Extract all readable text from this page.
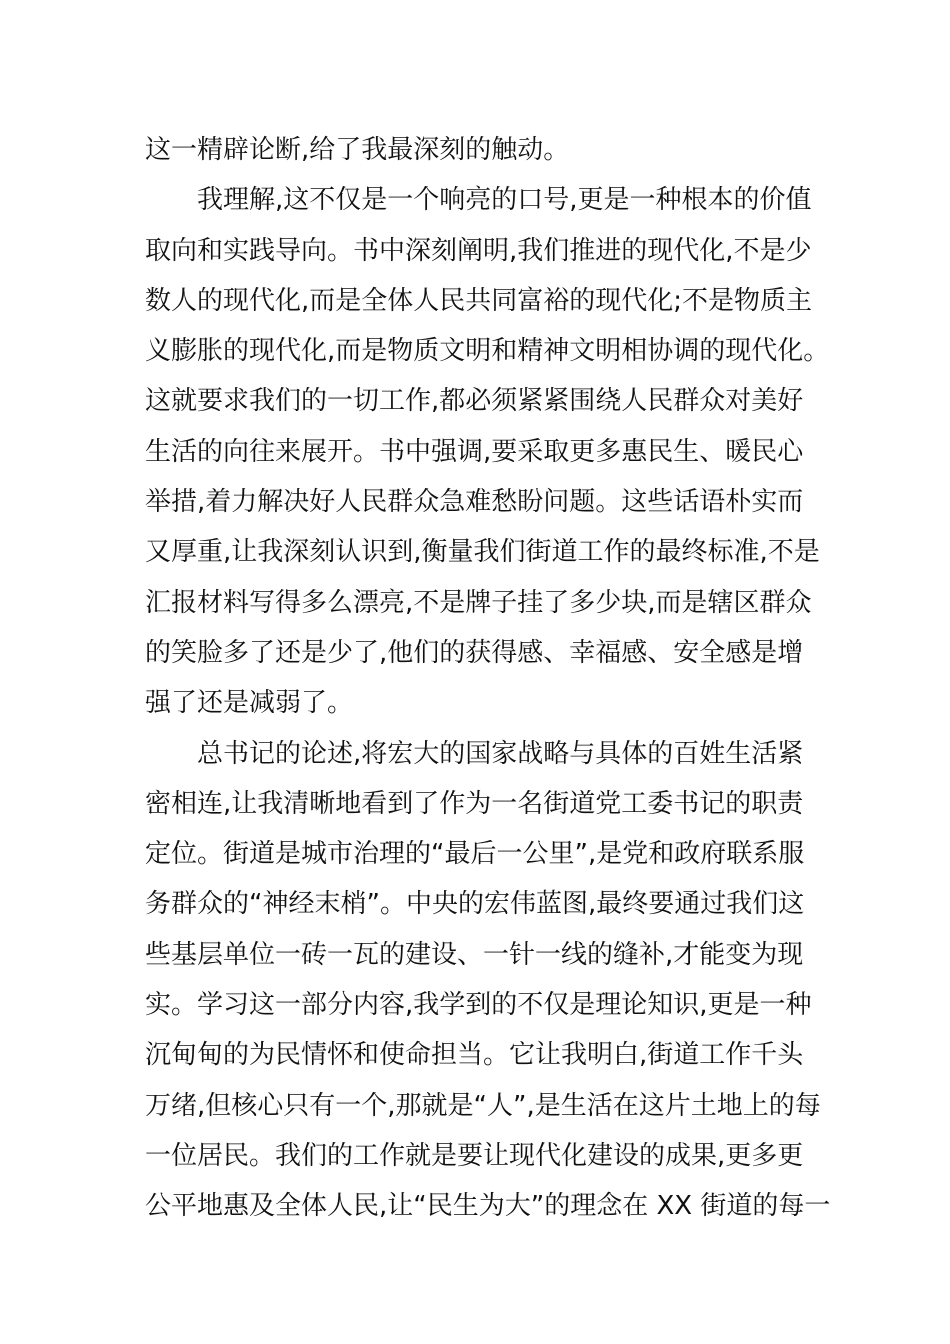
这一精辟论断,给了我最深刻的触动。
我理解,这不仅是一个响亮的口号,更是一种根本的价值
取向和实践导向。书中深刻阐明,我们推进的现代化,不是少
数人的现代化,而是全体人民共同富裕的现代化;不是物质主
义膨胀的现代化,而是物质文明和精神文明相协调的现代化。
这就要求我们的一切工作,都必须紧紧围绕人民群众对美好
生活的向往来展开。书中强调,要采取更多惠民生、暖民心
举措,着力解决好人民群众急难愁盼问题。这些话语朴实而
又厚重,让我深刻认识到,衡量我们街道工作的最终标准,不是
汇报材料写得多么漂亮,不是牌子挂了多少块,而是辖区群众
的笑脸多了还是少了,他们的获得感、幸福感、安全感是增
强了还是减弱了。
总书记的论述,将宏大的国家战略与具体的百姓生活紧
密相连,让我清晰地看到了作为一名街道党工委书记的职责
定位。街道是城市治理的“最后一公里”,是党和政府联系服
务群众的“神经末梢”。中央的宏伟蓝图,最终要通过我们这
些基层单位一砖一瓦的建设、一针一线的缝补,才能变为现
实。学习这一部分内容,我学到的不仅是理论知识,更是一种
沉甸甸的为民情怀和使命担当。它让我明白,街道工作千头
万绪,但核心只有一个,那就是“人”,是生活在这片土地上的每
一位居民。我们的工作就是要让现代化建设的成果,更多更
公平地惠及全体人民,让“民生为大”的理念在 XX 街道的每一
